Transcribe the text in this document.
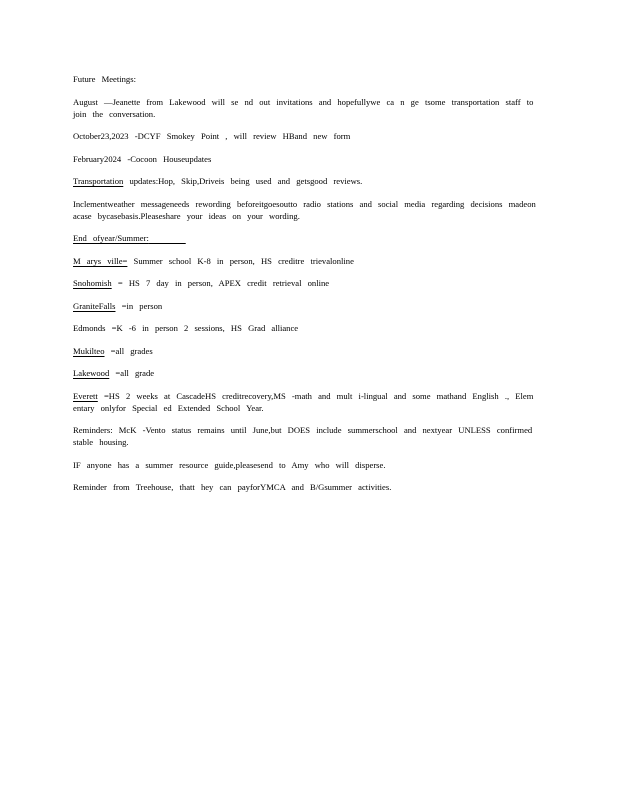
Future Meetings:

August —Jeanette from Lakewood will se nd out invitations and hopefullywe ca n ge tsome transportation staff to join the conversation.

October23,2023 -DCYF Smokey Point , will review HBand new form

February2024 -Cocoon Houseupdates

Transportation updates:Hop, Skip,Driveis being used and getsgood reviews.

Inclementweather messageneeds rewording beforeitgoesoutto radio stations and social media regarding decisions madeon acase bycasebasis.Pleaseshare your ideas on your wording.

End ofyear/Summer:

M arys ville= Summer school K-8 in person, HS creditre trievalonline

Snohomish = HS 7 day in person, APEX credit retrieval online

GraniteFalls =in person

Edmonds =K -6 in person 2 sessions, HS Grad alliance

Mukilteo =all grades

Lakewood =all grade

Everett =HS 2 weeks at CascadeHS creditrecovery,MS -math and mult i-lingual and some mathand English ., Elem entary onlyfor Special ed Extended School Year.

Reminders: McK -Vento status remains until June,but DOES include summerschool and nextyear UNLESS confirmed stable housing.

IF anyone has a summer resource guide,pleasesend to Amy who will disperse.

Reminder from Treehouse, thatt hey can payforYMCA and B/Gsummer activities.
